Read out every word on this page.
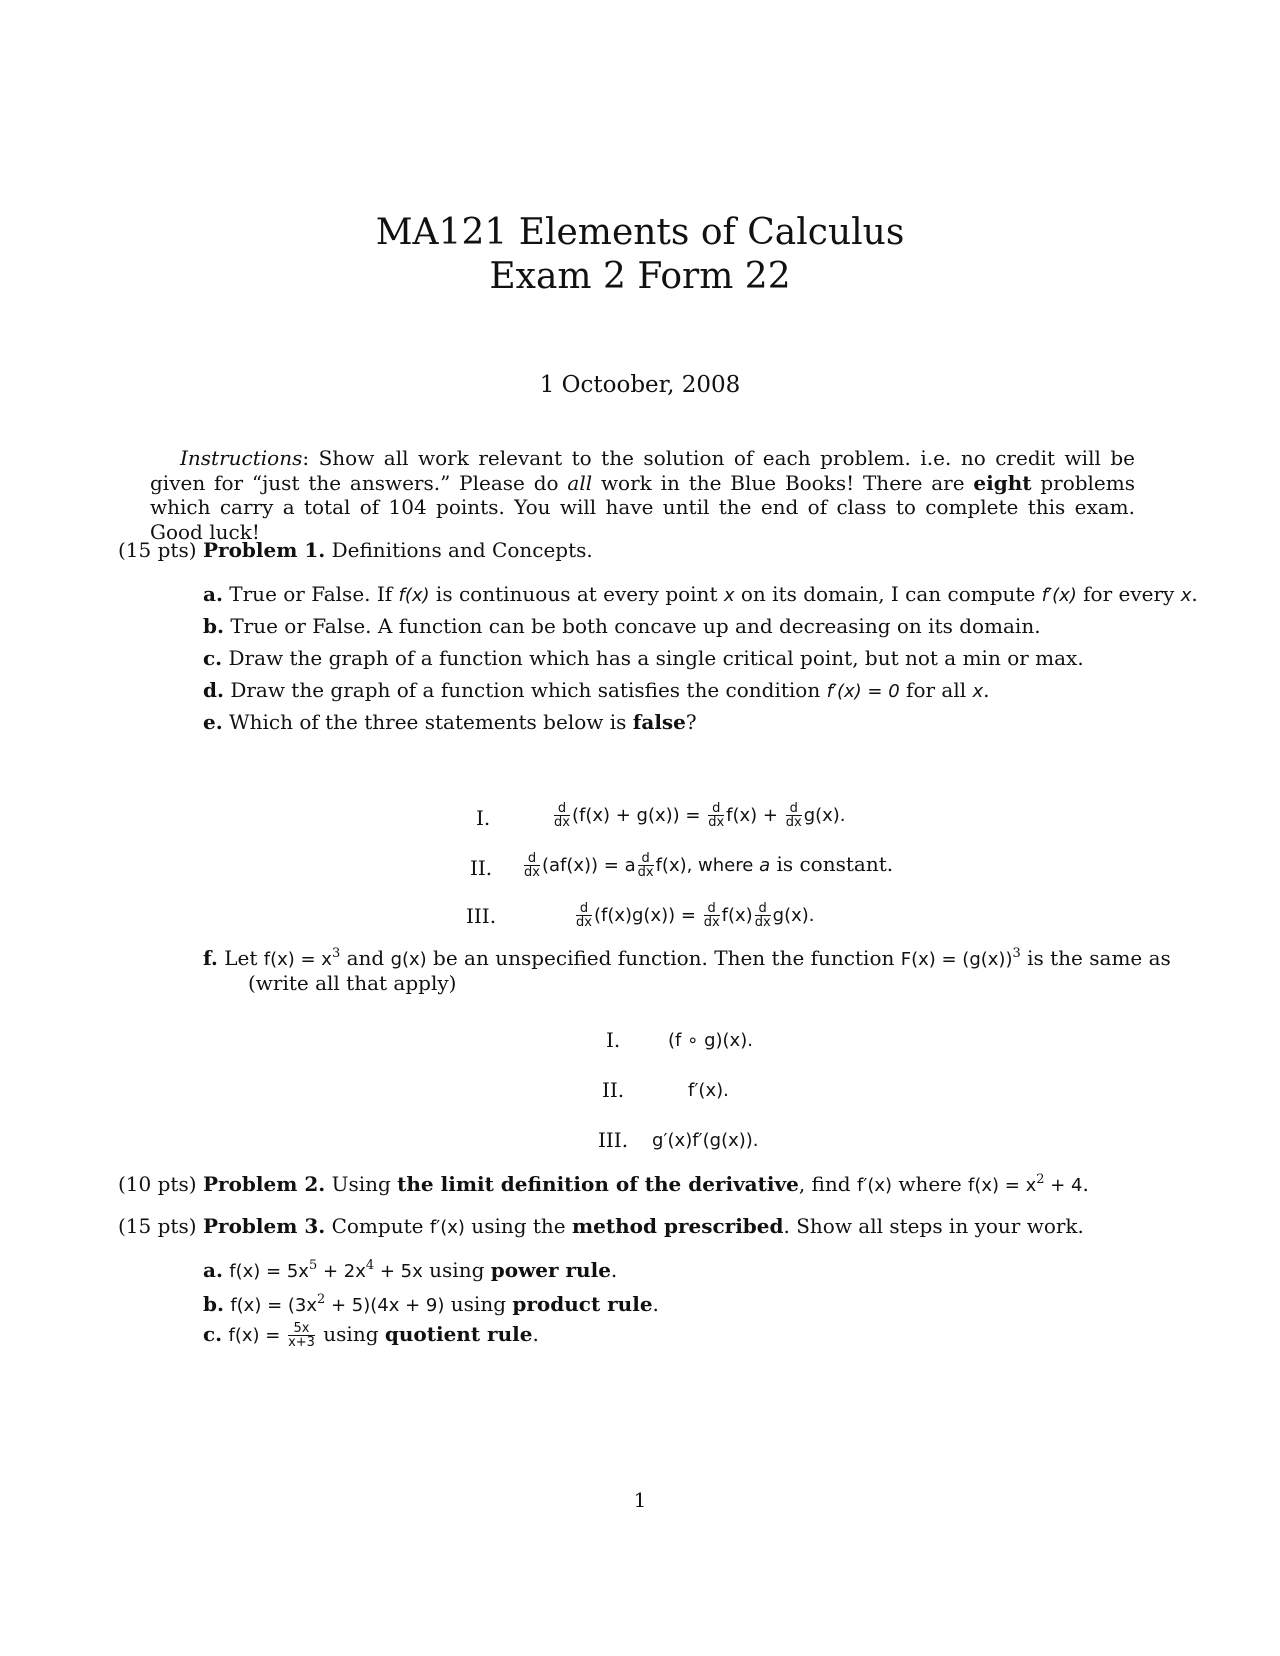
MA121 Elements of Calculus
Exam 2 Form 22
1 Octoober, 2008
Instructions: Show all work relevant to the solution of each problem. i.e. no credit will be given for “just the answers.” Please do all work in the Blue Books! There are eight problems which carry a total of 104 points. You will have until the end of class to complete this exam. Good luck!
(15 pts) Problem 1. Definitions and Concepts.
a. True or False. If f(x) is continuous at every point x on its domain, I can compute f′(x) for every x.
b. True or False. A function can be both concave up and decreasing on its domain.
c. Draw the graph of a function which has a single critical point, but not a min or max.
d. Draw the graph of a function which satisfies the condition f′(x) = 0 for all x.
e. Which of the three statements below is false?
I.	$\frac{d}{dx} (f(x) + g(x)) = \frac{d}{dx} f(x) + \frac{d}{dx} g(x)$.
II. $\frac{d}{dx} (af(x)) = a \frac{d}{dx} f(x)$, where a is constant.
III.	$\frac{d}{dx} (f(x)g(x)) = \frac{d}{dx} f(x) \frac{d}{dx} g(x)$.
f. Let $f(x) = x^3$ and g(x) be an unspecified function. Then the function $F(x) = (g(x))^3$ is the same as
(write all that apply)
I.	(f ∘ g)(x).
II.	f′(x).
III. g′(x)f′(g(x)).
(10 pts) Problem 2. Using the limit definition of the derivative, find f′(x) where $f(x) = x^2 + 4$.
(15 pts) Problem 3. Compute f′(x) using the method prescribed. Show all steps in your work.
a. $f(x) = 5x^5 + 2x^4 + 5x$ using power rule.
b. $f(x) = (3x^2 + 5)(4x + 9)$ using product rule.
c. $f(x) = \frac{5x}{x+3}$ using quotient rule.
1
